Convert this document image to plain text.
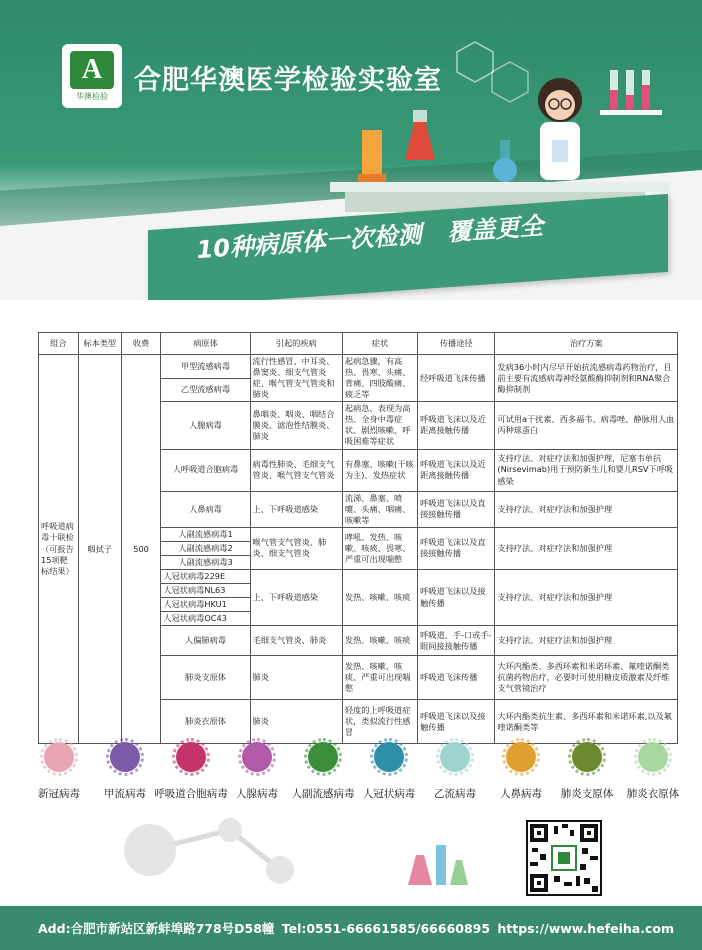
A
华澳检验 合肥华澳医学检验实验室
10种病原体一次检测 覆盖更全
组合	标本类型	收费	病原体	引起的疾病	症状	传播途径	治疗方案
呼吸道病毒十联检（可报告15项靶标结果）	咽拭子	500	甲型流感病毒	流行性感冒、中耳炎、鼻窦炎、细支气管炎症、喉气管支气管炎和肺炎	起病急骤，有高热、畏寒、头痛、背痛、四肢酸痛、疲乏等	经呼吸道飞沫传播	发病36小时内尽早开始抗流感病毒药物治疗，目前主要有流感病毒神经氨酸酶抑制剂和RNA聚合酶抑制剂
			乙型流感病毒				
			人腺病毒	鼻咽炎、咽炎、咽结合膜炎、滤泡性结膜炎、 肺炎	起病急、表现为高热、全身中毒症状、剧烈咳嗽、呼吸困难等症状	呼吸道飞沫以及近距离接触传播	可试用a干扰素、西多福韦、病毒唑、静脉用人血丙种球蛋白
			人呼吸道合胞病毒	病毒性肺炎、毛细支气管炎、喉气管支气管炎	有鼻塞、咳嗽(干咳为主)、发热症状	呼吸道飞沫以及近距离接触传播	支持疗法、对症疗法和加强护理，尼塞韦单抗(Nirsevimab)用于预防新生儿和婴儿RSV下呼吸感染
			人鼻病毒	上、下呼吸道感染	流涕、鼻塞、喷嚏、头痛、咽痛、咳嗽等	呼吸道飞沫以及直接接触传播	支持疗法、对症疗法和加强护理
			人副流感病毒1	喉气管支气管炎、肺炎、细支气管炎	哮吼、发热、咳嗽、咳痰、畏寒、严重可出现喘憋	呼吸道飞沫以及直接接触传播	支持疗法、对症疗法和加强护理
			人副流感病毒2				
			人副流感病毒3				
			人冠状病毒229E	上、下呼吸道感染	发热、咳嗽、咳痰	呼吸道飞沫以及接触传播	支持疗法、对症疗法和加强护理
			人冠状病毒NL63				
			人冠状病毒HKU1				
			人冠状病毒OC43				
			人偏肺病毒	毛细支气管炎、肺炎	发热、咳嗽、咳痰	呼吸道、手-口或手-眼间接接触传播	支持疗法、对症疗法和加强护理
			肺炎支原体	肺炎	发热、咳嗽、咳痰、严重可出现喘憋	呼吸道飞沫传播	大环内酯类、多西环素和米诺环素、氟喹诺酮类抗菌药物治疗，必要时可使用糖皮质激素及纤维支气管镜治疗
			肺炎衣原体	肺炎	轻度的上呼吸道症状，类似流行性感冒	呼吸道飞沫以及接触传播	大环内酯类抗生素、多西环素和米诺环素,以及氟喹诺酮类等
新冠病毒 甲流病毒 呼吸道合胞病毒 人腺病毒 人副流感病毒 人冠状病毒 乙流病毒 人鼻病毒 肺炎支原体 肺炎衣原体
Add:合肥市新站区新蚌埠路778号D58幢 Tel:0551-66661585/66660895 https://www.hefeiha.com
